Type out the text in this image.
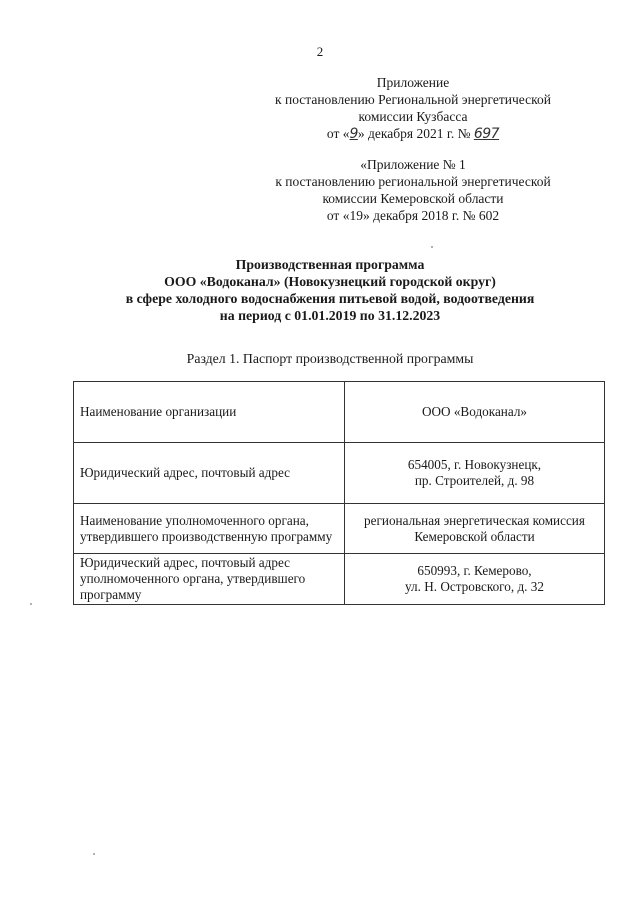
2
Приложение
к постановлению Региональной энергетической
комиссии Кузбасса
от «9» декабря 2021 г. № 697
«Приложение № 1
к постановлению региональной энергетической
комиссии Кемеровской области
от «19» декабря 2018 г. № 602
Производственная программа
ООО «Водоканал» (Новокузнецкий городской округ)
в сфере холодного водоснабжения питьевой водой, водоотведения
на период с 01.01.2019 по 31.12.2023
Раздел 1. Паспорт производственной программы
Наименование организации	ООО «Водоканал»

Юридический адрес, почтовый адрес	654005, г. Новокузнецк,
пр. Строителей, д. 98

Наименование уполномоченного органа, утвердившего производственную программу	региональная энергетическая комиссия
Кемеровской области

Юридический адрес, почтовый адрес уполномоченного органа, утвердившего программу	650993, г. Кемерово,
ул. Н. Островского, д. 32
